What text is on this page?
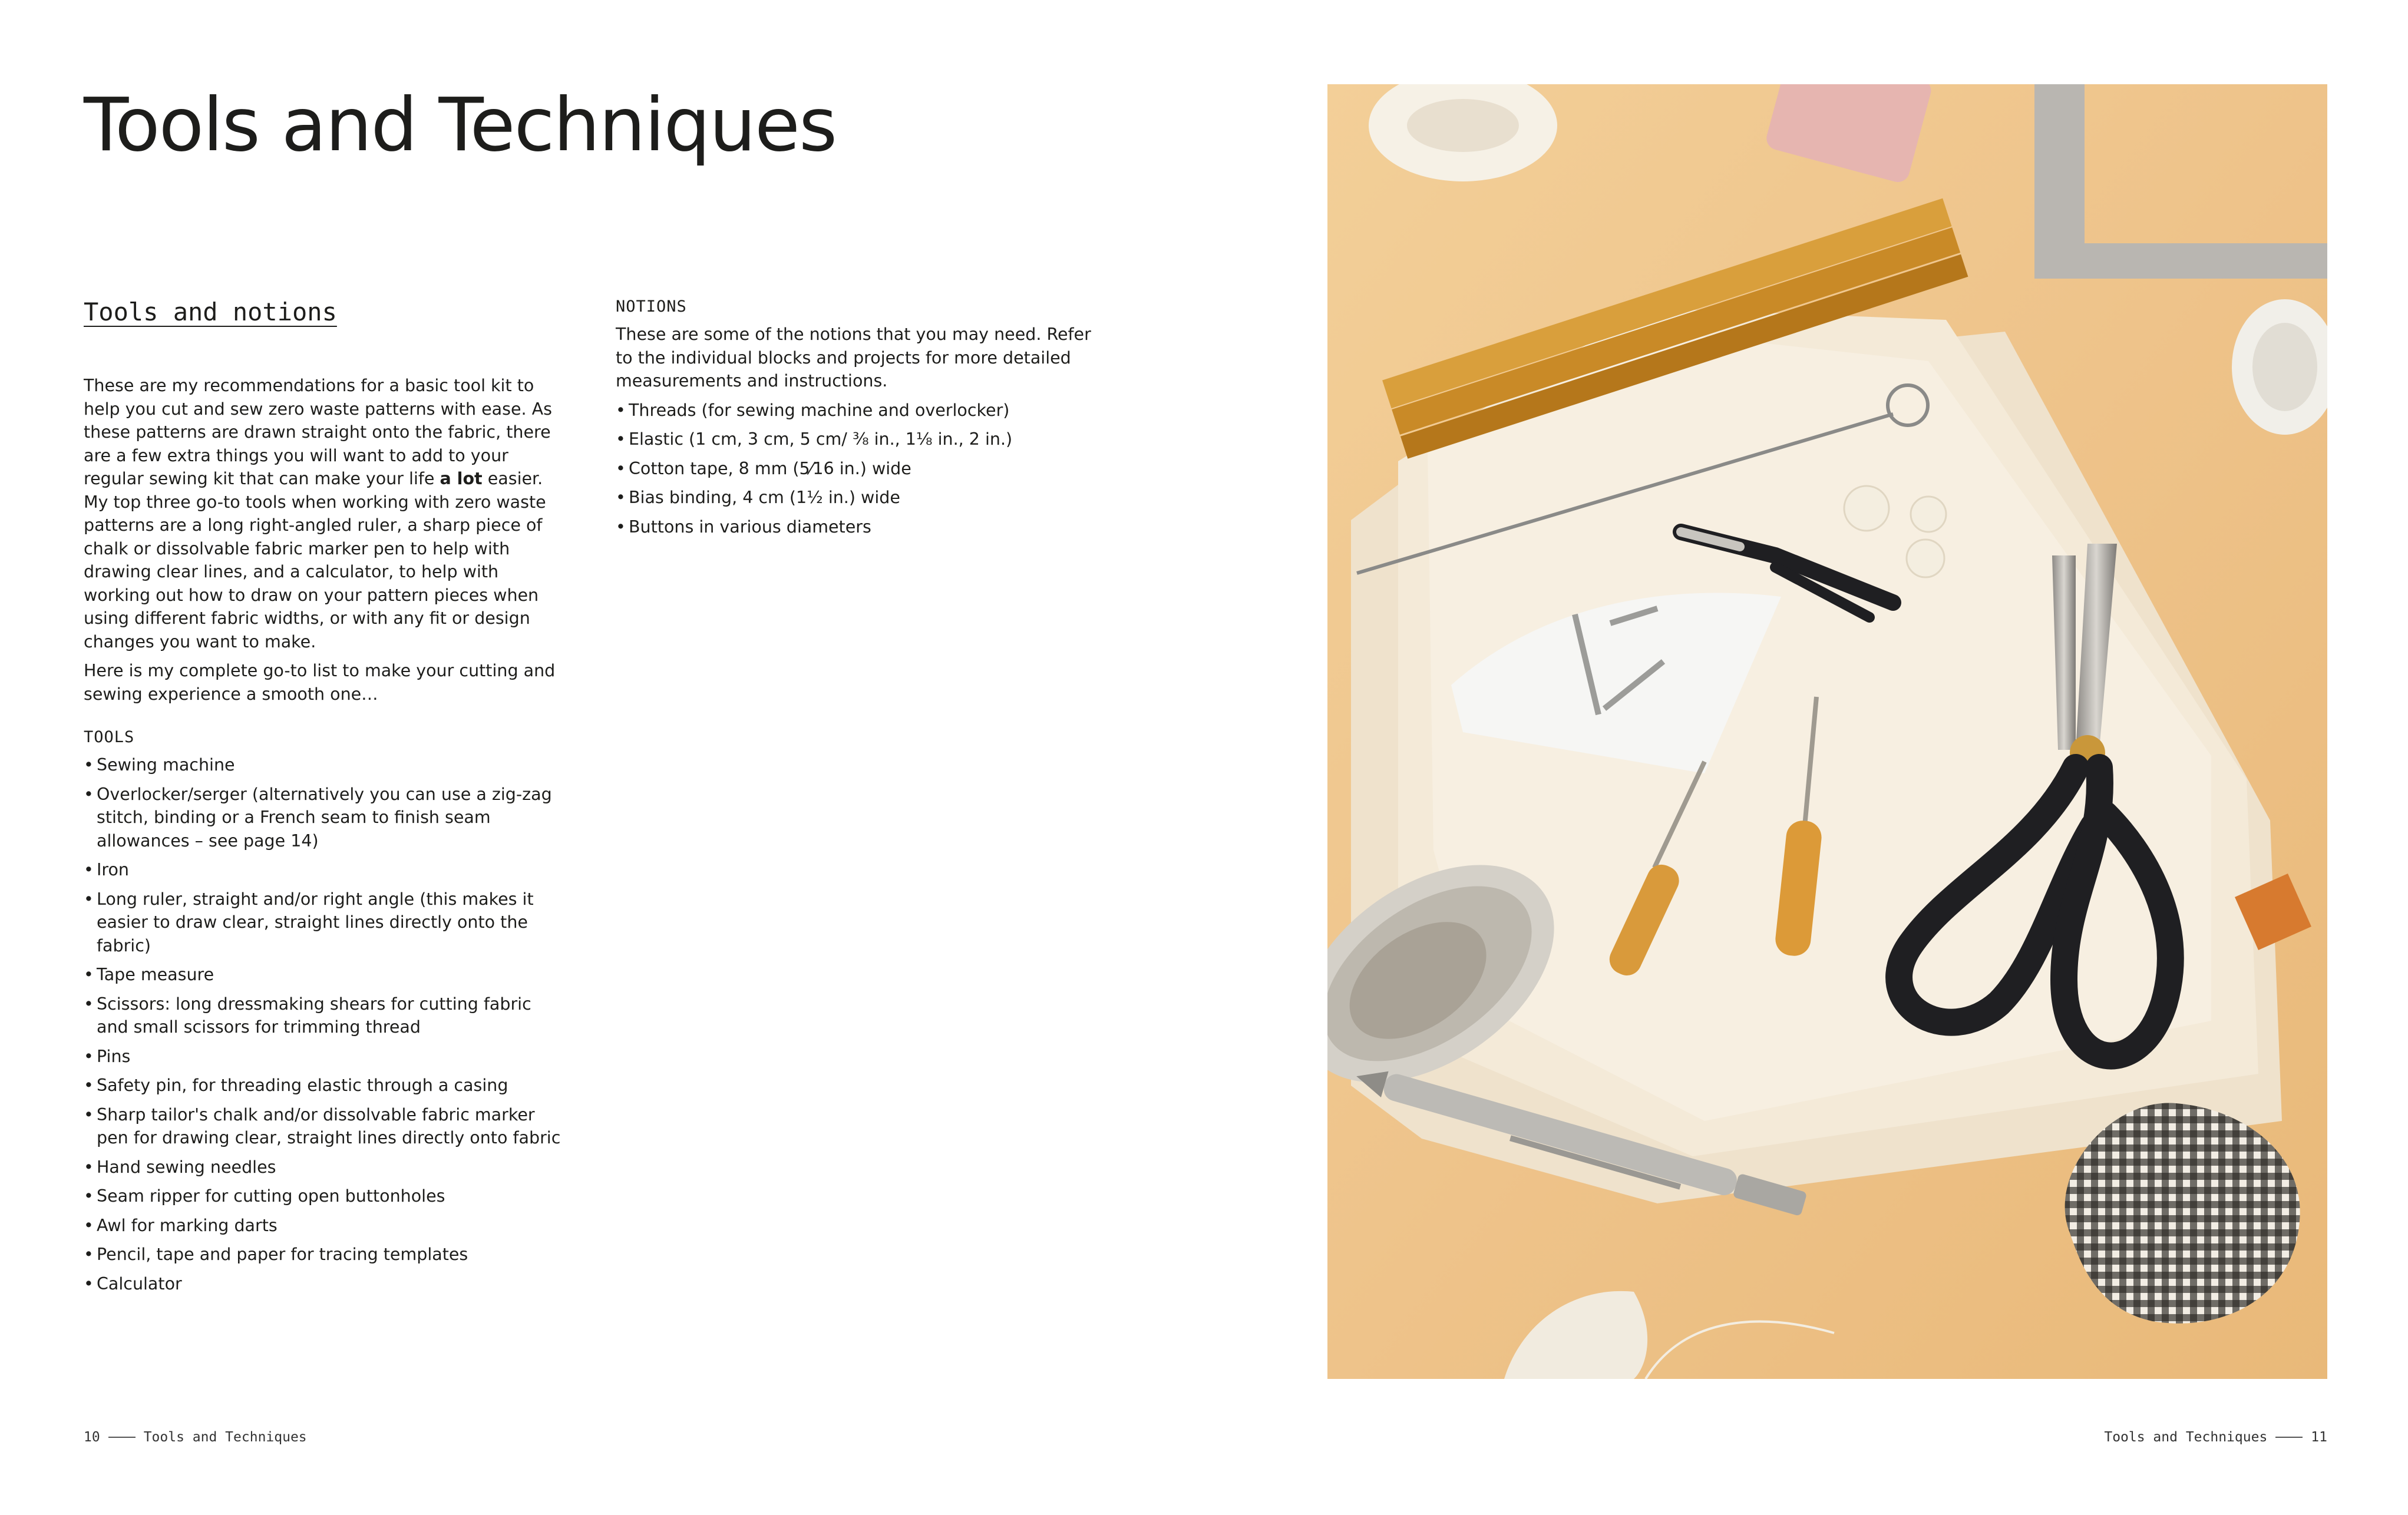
Tools and Techniques
Tools and notions

These are my recommendations for a basic tool kit to help you cut and sew zero waste patterns with ease. As these patterns are drawn straight onto the fabric, there are a few extra things you will want to add to your regular sewing kit that can make your life a lot easier. My top three go-to tools when working with zero waste patterns are a long right-angled ruler, a sharp piece of chalk or dissolvable fabric marker pen to help with drawing clear lines, and a calculator, to help with working out how to draw on your pattern pieces when using different fabric widths, or with any fit or design changes you want to make.

Here is my complete go-to list to make your cutting and sewing experience a smooth one…

TOOLS
• Sewing machine
• Overlocker/serger (alternatively you can use a zig-zag stitch, binding or a French seam to finish seam allowances – see page 14)
• Iron
• Long ruler, straight and/or right angle (this makes it easier to draw clear, straight lines directly onto the fabric)
• Tape measure
• Scissors: long dressmaking shears for cutting fabric and small scissors for trimming thread
• Pins
• Safety pin, for threading elastic through a casing
• Sharp tailor's chalk and/or dissolvable fabric marker pen for drawing clear, straight lines directly onto fabric
• Hand sewing needles
• Seam ripper for cutting open buttonholes
• Awl for marking darts
• Pencil, tape and paper for tracing templates
• Calculator
NOTIONS

These are some of the notions that you may need. Refer to the individual blocks and projects for more detailed measurements and instructions.

• Threads (for sewing machine and overlocker)
• Elastic (1 cm, 3 cm, 5 cm/ ⅜ in., 1⅛ in., 2 in.)
• Cotton tape, 8 mm (5⁄16 in.) wide
• Bias binding, 4 cm (1½ in.) wide
• Buttons in various diameters
10	Tools and Techniques	Tools and Techniques	11
